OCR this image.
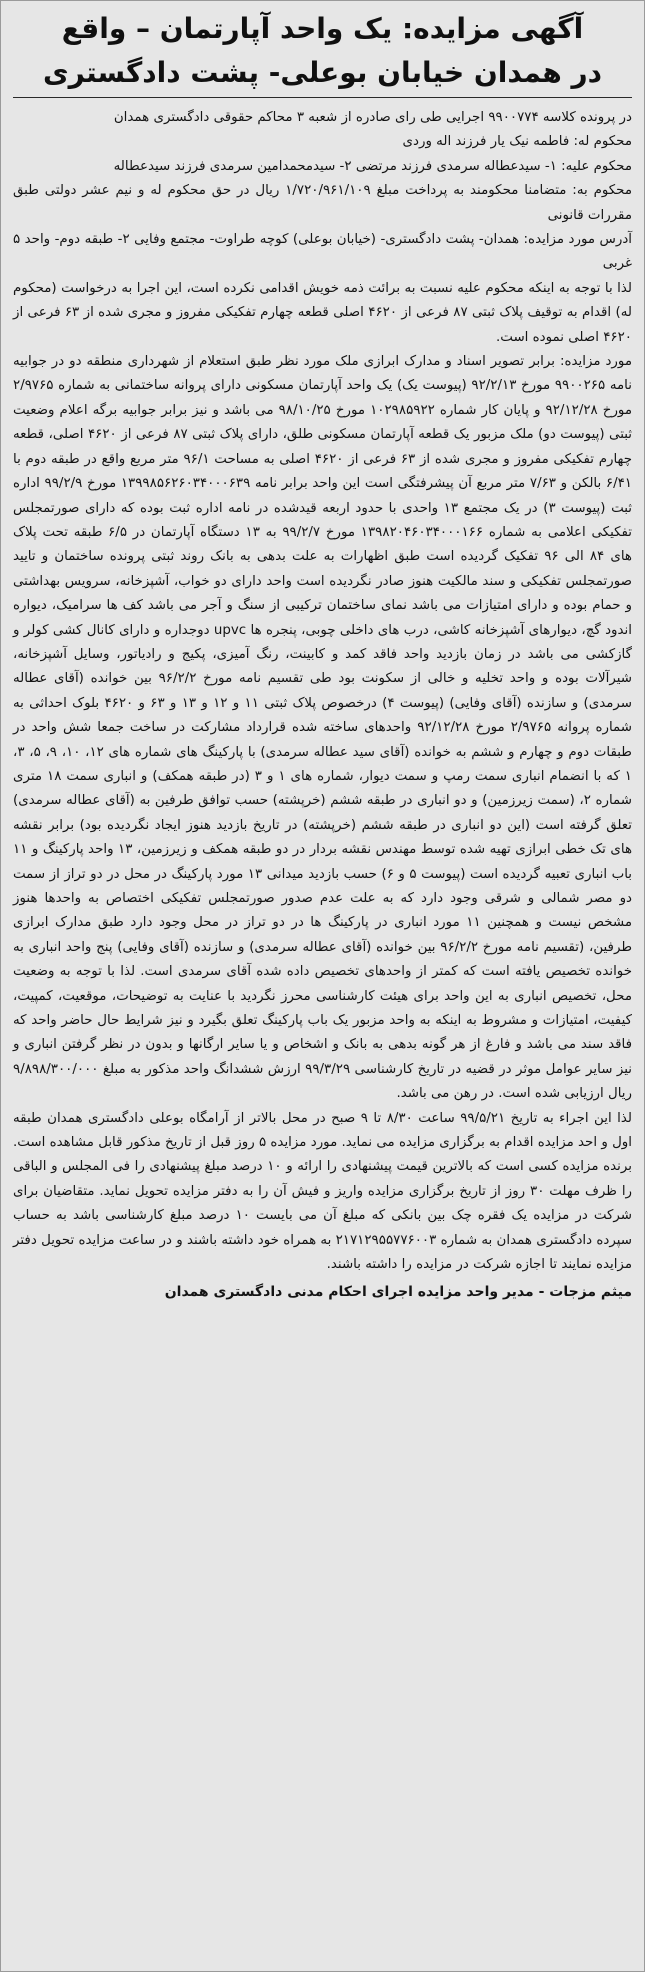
آگهی مزایده: یک واحد آپارتمان – واقع
در همدان خیابان بوعلی- پشت دادگستری

در پرونده کلاسه ۹۹۰۰۷۷۴ اجرایی طی رای صادره از شعبه ۳ محاکم حقوقی دادگستری همدان

محکوم له: فاطمه نیک یار فرزند اله وردی

محکوم علیه: ۱- سیدعطاله سرمدی فرزند مرتضی ۲- سیدمحمدامین سرمدی فرزند سیدعطاله

محکوم به: متضامنا محکومند به پرداخت مبلغ ۱/۷۲۰/۹۶۱/۱۰۹ ریال در حق محکوم له و نیم عشر دولتی طبق مقررات قانونی

آدرس مورد مزایده: همدان- پشت دادگستری- (خیابان بوعلی) کوچه طراوت- مجتمع وفایی ۲- طبقه دوم- واحد ۵ غربی

لذا با توجه به اینکه محکوم علیه نسبت به برائت ذمه خویش اقدامی نکرده است، این اجرا به درخواست (محکوم له) اقدام به توقیف پلاک ثبتی ۸۷ فرعی از ۴۶۲۰ اصلی قطعه چهارم تفکیکی مفروز و مجری شده از ۶۳ فرعی از ۴۶۲۰ اصلی نموده است.

مورد مزایده: برابر تصویر اسناد و مدارک ابرازی ملک مورد نظر طبق استعلام از شهرداری منطقه دو در جوابیه نامه ۹۹۰۰۲۶۵ مورخ ۹۲/۲/۱۳ (پیوست یک) یک واحد آپارتمان مسکونی دارای پروانه ساختمانی به شماره ۲/۹۷۶۵ مورخ ۹۲/۱۲/۲۸ و پایان کار شماره ۱۰۲۹۸۵۹۲۲ مورخ ۹۸/۱۰/۲۵ می باشد و نیز برابر جوابیه برگه اعلام وضعیت ثبتی (پیوست دو) ملک مزبور یک قطعه آپارتمان مسکونی طلق، دارای پلاک ثبتی ۸۷ فرعی از ۴۶۲۰ اصلی، قطعه چهارم تفکیکی مفروز و مجری شده از ۶۳ فرعی از ۴۶۲۰ اصلی به مساحت ۹۶/۱ متر مربع واقع در طبقه دوم با ۶/۴۱ بالکن و ۷/۶۳ متر مربع آن پیشرفتگی است این واحد برابر نامه ۱۳۹۹۸۵۶۲۶۰۳۴۰۰۰۶۳۹ مورخ ۹۹/۲/۹ اداره ثبت (پیوست ۳) در یک مجتمع ۱۳ واحدی با حدود اربعه قیدشده در نامه اداره ثبت بوده که دارای صورتمجلس تفکیکی اعلامی به شماره ۱۳۹۸۲۰۴۶۰۳۴۰۰۰۱۶۶ مورخ ۹۹/۲/۷ به ۱۳ دستگاه آپارتمان در ۶/۵ طبقه تحت پلاک های ۸۴ الی ۹۶ تفکیک گردیده است طبق اظهارات به علت بدهی به بانک روند ثبتی پرونده ساختمان و تایید صورتمجلس تفکیکی و سند مالکیت هنوز صادر نگردیده است واحد دارای دو خواب، آشپزخانه، سرویس بهداشتی و حمام بوده و دارای امتیازات می باشد نمای ساختمان ترکیبی از سنگ و آجر می باشد کف ها سرامیک، دیواره اندود گچ، دیوارهای آشپزخانه کاشی، درب های داخلی چوبی، پنجره ها upvc دوجداره و دارای کانال کشی کولر و گازکشی می باشد در زمان بازدید واحد فاقد کمد و کابینت، رنگ آمیزی، پکیج و رادیاتور، وسایل آشپزخانه، شیرآلات بوده و واحد تخلیه و خالی از سکونت بود طی تقسیم نامه مورخ ۹۶/۲/۲ بین خوانده (آقای عطاله سرمدی) و سازنده (آقای وفایی) (پیوست ۴) درخصوص پلاک ثبتی ۱۱ و ۱۲ و ۱۳ و ۶۳ و ۴۶۲۰ بلوک احداثی به شماره پروانه ۲/۹۷۶۵ مورخ ۹۲/۱۲/۲۸ واحدهای ساخته شده قرارداد مشارکت در ساخت جمعا شش واحد در طبقات دوم و چهارم و ششم به خوانده (آقای سید عطاله سرمدی) با پارکینگ های شماره های ۱۲، ۱۰، ۹، ۵، ۳، ۱ که با انضمام انباری سمت رمپ و سمت دیوار، شماره های ۱ و ۳ (در طبقه همکف) و انباری سمت ۱۸ متری شماره ۲، (سمت زیرزمین) و دو انباری در طبقه ششم (خرپشته) حسب توافق طرفین به (آقای عطاله سرمدی) تعلق گرفته است (این دو انباری در طبقه ششم (خرپشته) در تاریخ بازدید هنوز ایجاد نگردیده بود) برابر نقشه های تک خطی ابرازی تهیه شده توسط مهندس نقشه بردار در دو طبقه همکف و زیرزمین، ۱۳ واحد پارکینگ و ۱۱ باب انباری تعبیه گردیده است (پیوست ۵ و ۶) حسب بازدید میدانی ۱۳ مورد پارکینگ در محل در دو تراز از سمت دو مصر شمالی و شرقی وجود دارد که به علت عدم صدور صورتمجلس تفکیکی اختصاص به واحدها هنوز مشخص نیست و همچنین ۱۱ مورد انباری در پارکینگ ها در دو تراز در محل وجود دارد طبق مدارک ابرازی طرفین، (تقسیم نامه مورخ ۹۶/۲/۲ بین خوانده (آقای عطاله سرمدی) و سازنده (آقای وفایی) پنج واحد انباری به خوانده تخصیص یافته است که کمتر از واحدهای تخصیص داده شده آقای سرمدی است. لذا با توجه به وضعیت محل، تخصیص انباری به این واحد برای هیئت کارشناسی محرز نگردید با عنایت به توضیحات، موقعیت، کمپیت، کیفیت، امتیازات و مشروط به اینکه به واحد مزبور یک باب پارکینگ تعلق بگیرد و نیز شرایط حال حاضر واحد که فاقد سند می باشد و فارغ از هر گونه بدهی به بانک و اشخاص و یا سایر ارگانها و بدون در نظر گرفتن انباری و نیز سایر عوامل موثر در قضیه در تاریخ کارشناسی ۹۹/۳/۲۹ ارزش ششدانگ واحد مذکور به مبلغ ۹/۸۹۸/۳۰۰/۰۰۰ ریال ارزیابی شده است. در رهن می باشد.

لذا این اجراء به تاریخ ۹۹/۵/۲۱ ساعت ۸/۳۰ تا ۹ صبح در محل بالاتر از آرامگاه بوعلی دادگستری همدان طبقه اول و احد مزایده اقدام به برگزاری مزایده می نماید. مورد مزایده ۵ روز قبل از تاریخ مذکور قابل مشاهده است. برنده مزایده کسی است که بالاترین قیمت پیشنهادی را ارائه و ۱۰ درصد مبلغ پیشنهادی را فی المجلس و الباقی را ظرف مهلت ۳۰ روز از تاریخ برگزاری مزایده واریز و فیش آن را به دفتر مزایده تحویل نماید. متقاضیان برای شرکت در مزایده یک فقره چک بین بانکی که مبلغ آن می بایست ۱۰ درصد مبلغ کارشناسی باشد به حساب سپرده دادگستری همدان به شماره ۲۱۷۱۲۹۵۵۷۷۶۰۰۳ به همراه خود داشته باشند و در ساعت مزایده تحویل دفتر مزایده نمایند تا اجازه شرکت در مزایده را داشته باشند.

میثم مزجات - مدیر واحد مزایده اجرای احکام مدنی دادگستری همدان
